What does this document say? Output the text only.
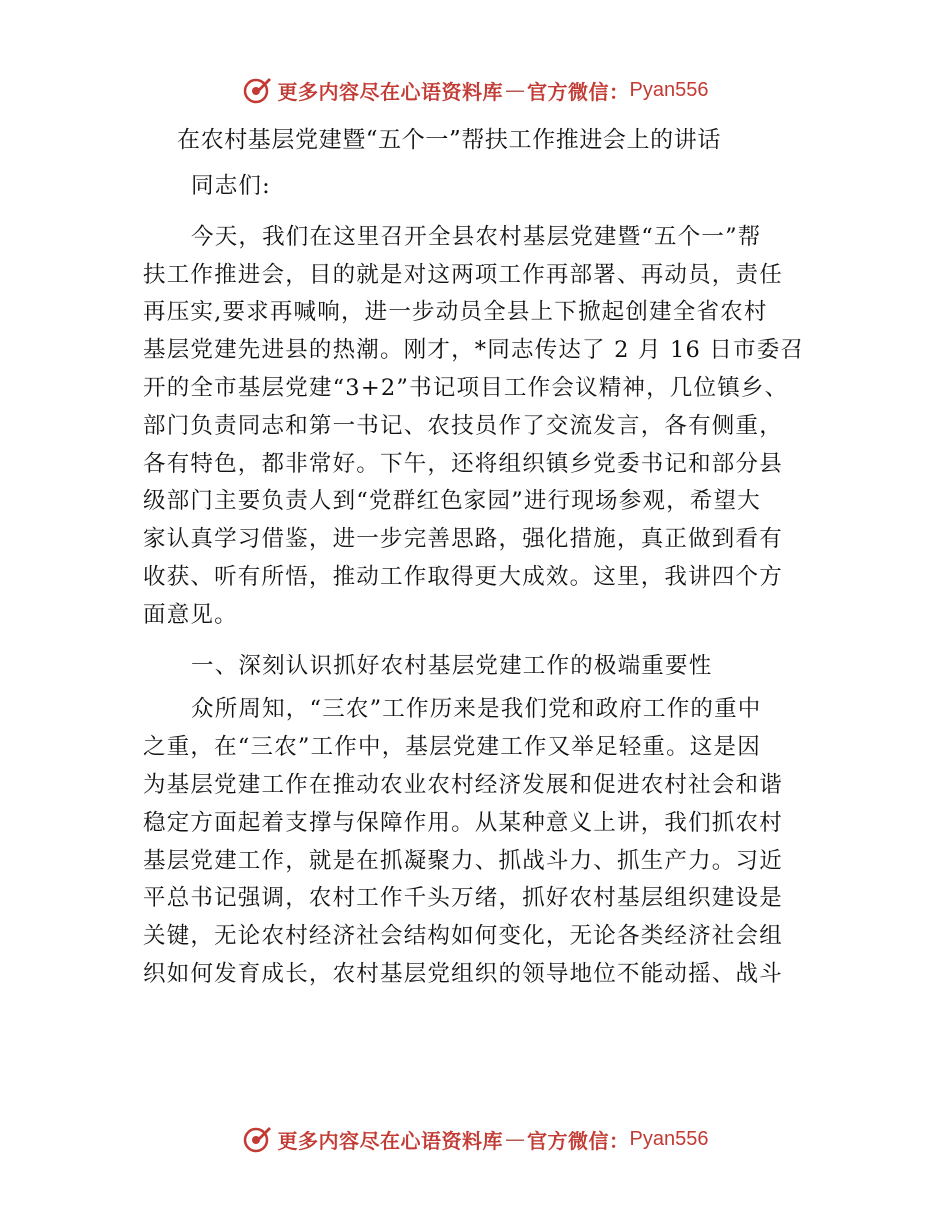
更多内容尽在心语资料库 — 官方微信： Pyan556
在农村基层党建暨“五个一”帮扶工作推进会上的讲话
同志们:
今天，我们在这里召开全县农村基层党建暨“五个一”帮
扶工作推进会，目的就是对这两项工作再部署、再动员，责任
再压实,要求再喊响，进一步动员全县上下掀起创建全省农村
基层党建先进县的热潮。刚才，*同志传达了 2 月 16 日市委召
开的全市基层党建“3+2”书记项目工作会议精神，几位镇乡、
部门负责同志和第一书记、农技员作了交流发言，各有侧重，
各有特色，都非常好。下午，还将组织镇乡党委书记和部分县
级部门主要负责人到“党群红色家园”进行现场参观，希望大
家认真学习借鉴，进一步完善思路，强化措施，真正做到看有
收获、听有所悟，推动工作取得更大成效。这里，我讲四个方
面意见。
一、深刻认识抓好农村基层党建工作的极端重要性
众所周知，“三农”工作历来是我们党和政府工作的重中
之重，在“三农”工作中，基层党建工作又举足轻重。这是因
为基层党建工作在推动农业农村经济发展和促进农村社会和谐
稳定方面起着支撑与保障作用。从某种意义上讲，我们抓农村
基层党建工作，就是在抓凝聚力、抓战斗力、抓生产力。习近
平总书记强调，农村工作千头万绪，抓好农村基层组织建设是
关键，无论农村经济社会结构如何变化，无论各类经济社会组
织如何发育成长，农村基层党组织的领导地位不能动摇、战斗
更多内容尽在心语资料库 — 官方微信： Pyan556
